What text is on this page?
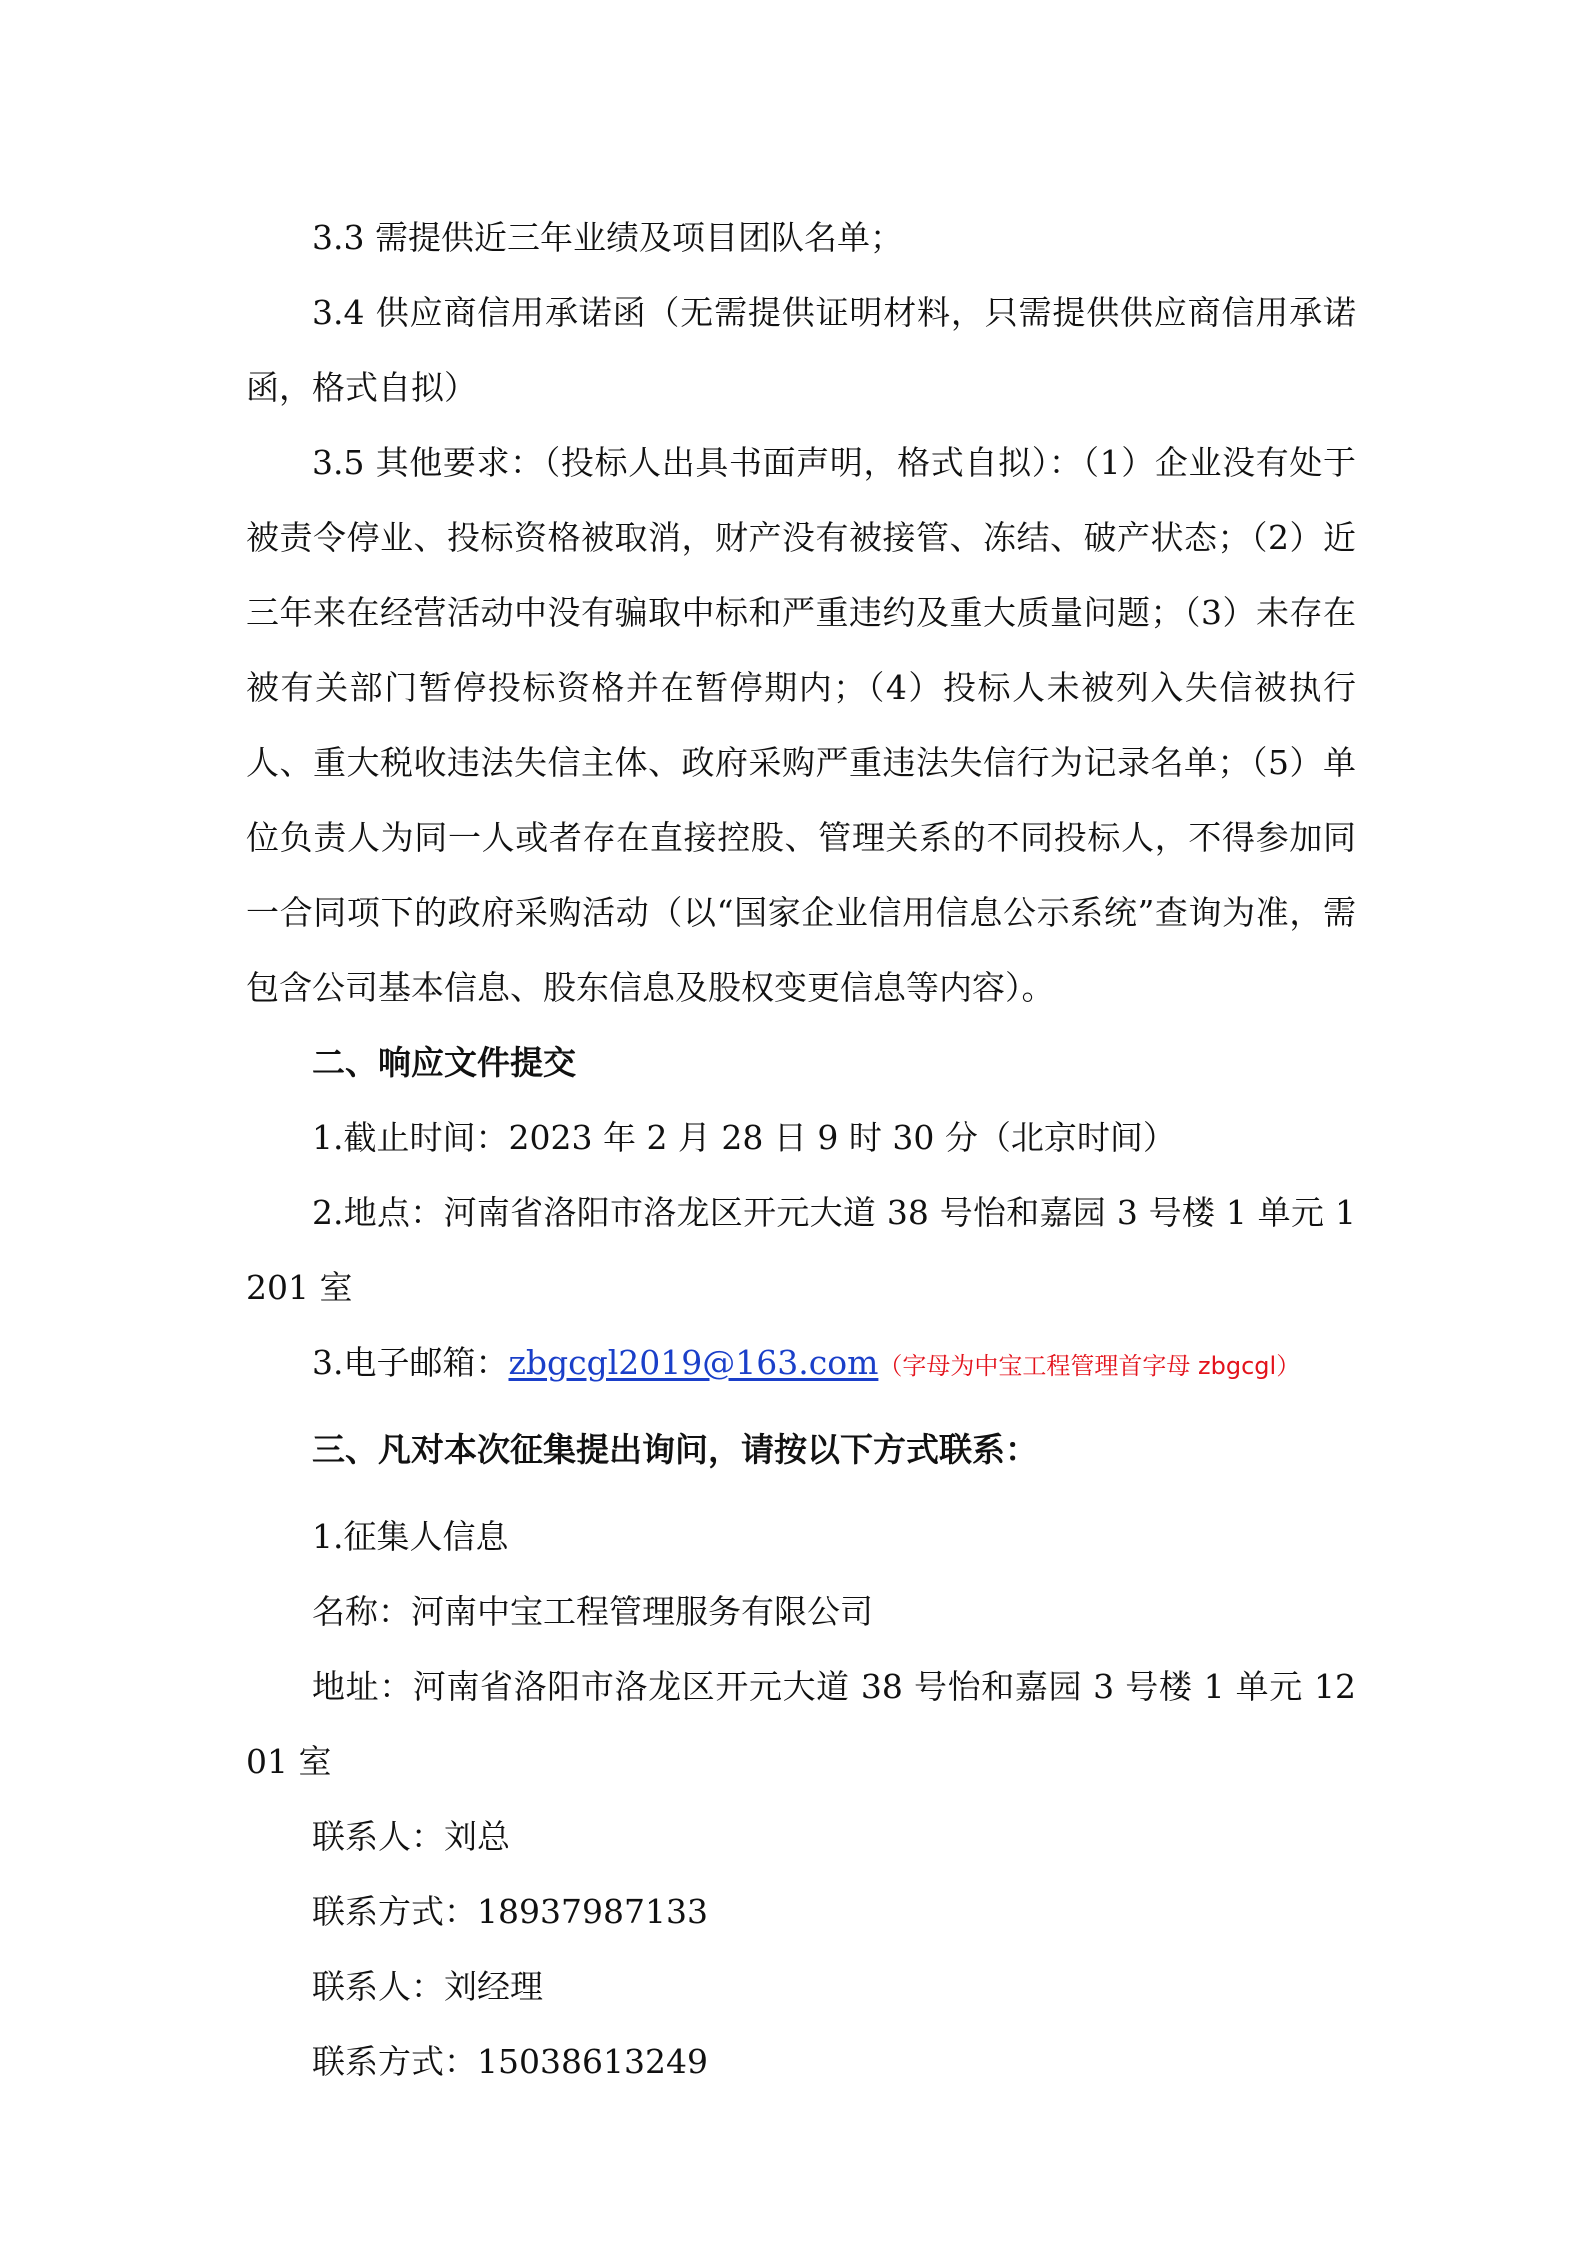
3.3 需提供近三年业绩及项目团队名单；

3.4 供应商信用承诺函（无需提供证明材料，只需提供供应商信用承诺函，格式自拟）

3.5 其他要求：（投标人出具书面声明，格式自拟）：（1）企业没有处于被责令停业、投标资格被取消，财产没有被接管、冻结、破产状态；（2）近三年来在经营活动中没有骗取中标和严重违约及重大质量问题；（3）未存在被有关部门暂停投标资格并在暂停期内；（4）投标人未被列入失信被执行人、重大税收违法失信主体、政府采购严重违法失信行为记录名单；（5）单位负责人为同一人或者存在直接控股、管理关系的不同投标人，不得参加同一合同项下的政府采购活动（以“国家企业信用信息公示系统”查询为准，需包含公司基本信息、股东信息及股权变更信息等内容）。

二、响应文件提交

1.截止时间：2023 年 2 月 28 日 9 时 30 分（北京时间）

2.地点：河南省洛阳市洛龙区开元大道 38 号怡和嘉园 3 号楼 1 单元 1201 室

3.电子邮箱：zbgcgl2019@163.com（字母为中宝工程管理首字母 zbgcgl）

三、凡对本次征集提出询问，请按以下方式联系：

1.征集人信息

名称：河南中宝工程管理服务有限公司

地址：河南省洛阳市洛龙区开元大道 38 号怡和嘉园 3 号楼 1 单元 1201 室

联系人：刘总

联系方式：18937987133

联系人：刘经理

联系方式：15038613249
